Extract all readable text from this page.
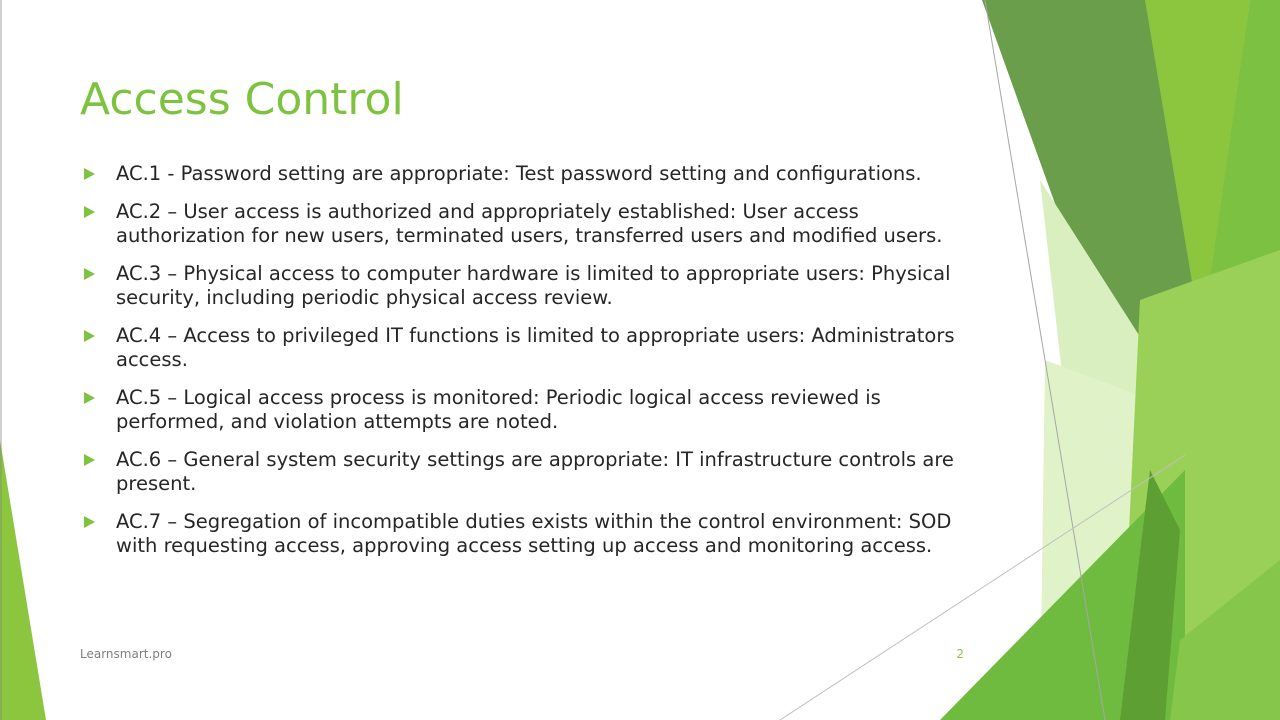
Access Control
AC.1 - Password setting are appropriate: Test password setting and configurations.
AC.2 – User access is authorized and appropriately established: User access authorization for new users, terminated users, transferred users and modified users.
AC.3 – Physical access to computer hardware is limited to appropriate users: Physical security, including periodic physical access review.
AC.4 – Access to privileged IT functions is limited to appropriate users: Administrators access.
AC.5 – Logical access process is monitored: Periodic logical access reviewed is performed, and violation attempts are noted.
AC.6 – General system security settings are appropriate: IT infrastructure controls are present.
AC.7 – Segregation of incompatible duties exists within the control environment: SOD with requesting access, approving access setting up access and monitoring access.
Learnsmart.pro	2
